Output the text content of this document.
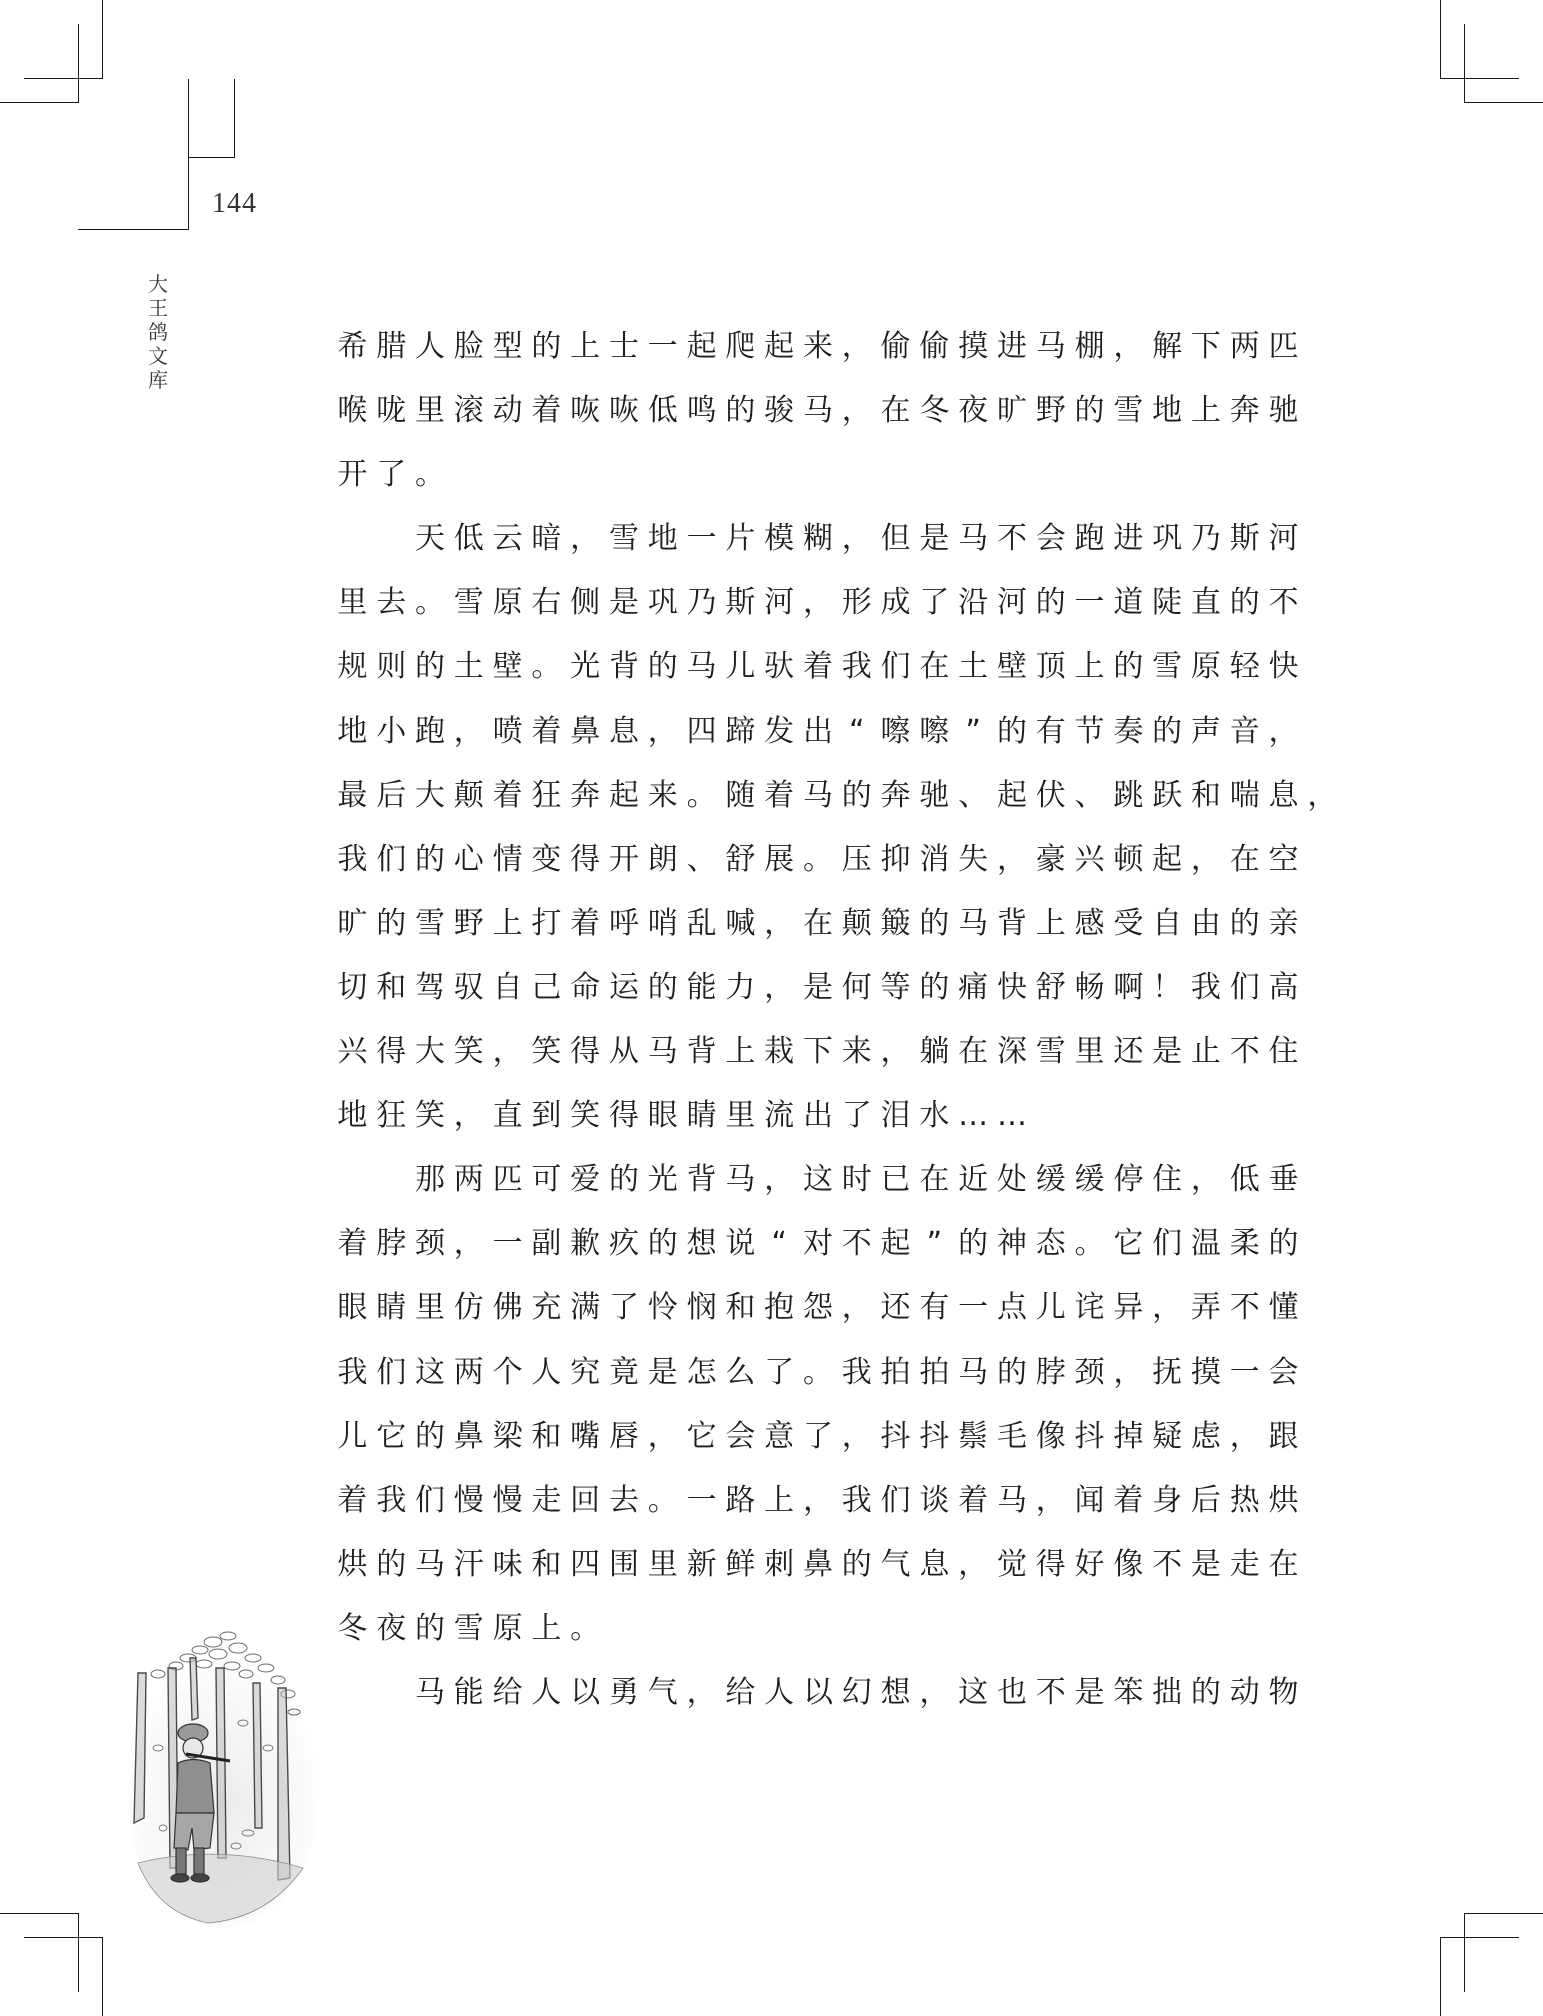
144
大
王
鸽
文
库
希 腊 人 脸 型 的 上 士 一 起 爬 起 来 ， 偷 偷 摸 进 马 棚 ， 解 下 两 匹
喉 咙 里 滚 动 着 咴 咴 低 鸣 的 骏 马 ， 在 冬 夜 旷 野 的 雪 地 上 奔 驰
开 了 。
天 低 云 暗 ， 雪 地 一 片 模 糊 ， 但 是 马 不 会 跑 进 巩 乃 斯 河
里 去 。 雪 原 右 侧 是 巩 乃 斯 河 ， 形 成 了 沿 河 的 一 道 陡 直 的 不
规 则 的 土 壁 。 光 背 的 马 儿 驮 着 我 们 在 土 壁 顶 上 的 雪 原 轻 快
地 小 跑 ， 喷 着 鼻 息 ， 四 蹄 发 出 “ 嚓 嚓 ” 的 有 节 奏 的 声 音 ，
最 后 大 颠 着 狂 奔 起 来 。 随 着 马 的 奔 驰 、 起 伏 、 跳 跃 和 喘 息 ，
我 们 的 心 情 变 得 开 朗 、 舒 展 。 压 抑 消 失 ， 豪 兴 顿 起 ， 在 空
旷 的 雪 野 上 打 着 呼 哨 乱 喊 ， 在 颠 簸 的 马 背 上 感 受 自 由 的 亲
切 和 驾 驭 自 己 命 运 的 能 力 ， 是 何 等 的 痛 快 舒 畅 啊 ！ 我 们 高
兴 得 大 笑 ， 笑 得 从 马 背 上 栽 下 来 ， 躺 在 深 雪 里 还 是 止 不 住
地 狂 笑 ， 直 到 笑 得 眼 睛 里 流 出 了 泪 水 … …
那 两 匹 可 爱 的 光 背 马 ， 这 时 已 在 近 处 缓 缓 停 住 ， 低 垂
着 脖 颈 ， 一 副 歉 疚 的 想 说 “ 对 不 起 ” 的 神 态 。 它 们 温 柔 的
眼 睛 里 仿 佛 充 满 了 怜 悯 和 抱 怨 ， 还 有 一 点 儿 诧 异 ， 弄 不 懂
我 们 这 两 个 人 究 竟 是 怎 么 了 。 我 拍 拍 马 的 脖 颈 ， 抚 摸 一 会
儿 它 的 鼻 梁 和 嘴 唇 ， 它 会 意 了 ， 抖 抖 鬃 毛 像 抖 掉 疑 虑 ， 跟
着 我 们 慢 慢 走 回 去 。 一 路 上 ， 我 们 谈 着 马 ， 闻 着 身 后 热 烘
烘 的 马 汗 味 和 四 围 里 新 鲜 刺 鼻 的 气 息 ， 觉 得 好 像 不 是 走 在
冬 夜 的 雪 原 上 。
马 能 给 人 以 勇 气 ， 给 人 以 幻 想 ， 这 也 不 是 笨 拙 的 动 物
